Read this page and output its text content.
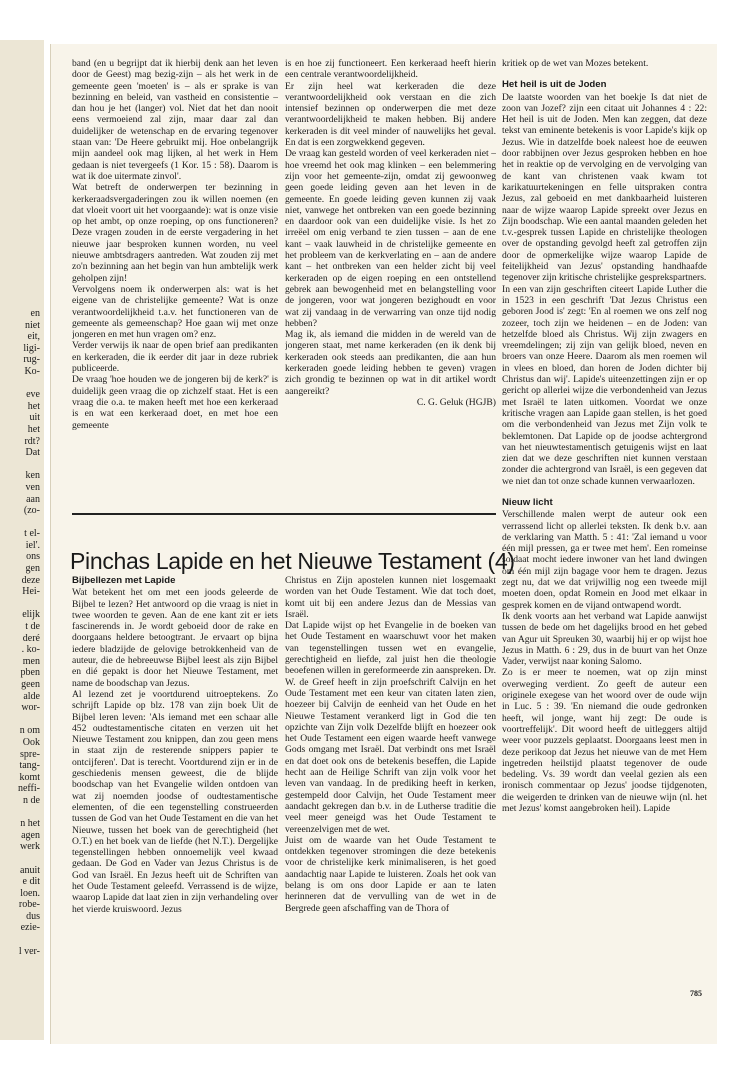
en
niet
eit,
ligi-
rug-
Ko-

eve
het
uit
het
rdt?
Dat

ken
ven
aan
(zo-

t el-
iel'.
ons
gen
deze
Hei-

elijk
t de
deré
. ko-
men
pben
geen
alde
wor-

n om
Ook
spre-
tang-
komt
neffi-
n de

n het
agen
werk

anuit
e dit
loen.
robe-
dus
ezie-

l ver-

band (en u begrijpt dat ik hierbij denk aan het leven door de Geest) mag bezig-zijn – als het werk in de gemeente geen 'moeten' is – als er sprake is van bezinning en beleid, van vastheid en consistentie – dan hou je het (langer) vol. Niet dat het dan nooit eens vermoeiend zal zijn, maar daar zal dan duidelijker de wetenschap en de ervaring tegenover staan van: 'De Heere gebruikt mij. Hoe onbelangrijk mijn aandeel ook mag lijken, al het werk in Hem gedaan is niet tevergeefs (1 Kor. 15 : 58). Daarom is wat ik doe uitermate zinvol'.

Wat betreft de onderwerpen ter bezinning in kerkeraadsvergaderingen zou ik willen noemen (en dat vloeit voort uit het voorgaande): wat is onze visie op het ambt, op onze roeping, op ons functioneren? Deze vragen zouden in de eerste vergadering in het nieuwe jaar besproken kunnen worden, nu veel nieuwe ambtsdragers aantreden. Wat zouden zij met zo'n bezinning aan het begin van hun ambtelijk werk geholpen zijn!

Vervolgens noem ik onderwerpen als: wat is het eigene van de christelijke gemeente? Wat is onze verantwoordelijkheid t.a.v. het functioneren van de gemeente als gemeenschap? Hoe gaan wij met onze jongeren en met hun vragen om? enz.

Verder verwijs ik naar de open brief aan predikanten en kerkeraden, die ik eerder dit jaar in deze rubriek publiceerde.

De vraag 'hoe houden we de jongeren bij de kerk?' is duidelijk geen vraag die op zichzelf staat. Het is een vraag die o.a. te maken heeft met hoe een kerkeraad is en wat een kerkeraad doet, en met hoe een gemeente

is en hoe zij functioneert. Een kerkeraad heeft hierin een centrale verantwoordelijkheid.

Er zijn heel wat kerkeraden die deze verantwoordelijkheid ook verstaan en die zich intensief bezinnen op onderwerpen die met deze verantwoordelijkheid te maken hebben. Bij andere kerkeraden is dit veel minder of nauwelijks het geval. En dat is een zorgwekkend gegeven.

De vraag kan gesteld worden of veel kerkeraden niet – hoe vreemd het ook mag klinken – een belemmering zijn voor het gemeente-zijn, omdat zij gewoonweg geen goede leiding geven aan het leven in de gemeente. En goede leiding geven kunnen zij vaak niet, vanwege het ontbreken van een goede bezinning en daardoor ook van een duidelijke visie. Is het zo irreëel om enig verband te zien tussen – aan de ene kant – vaak lauwheid in de christelijke gemeente en het probleem van de kerkverlating en – aan de andere kant – het ontbreken van een helder zicht bij veel kerkeraden op de eigen roeping en een ontstellend gebrek aan bewogenheid met en belangstelling voor de jongeren, voor wat jongeren bezighoudt en voor wat zij vandaag in de verwarring van onze tijd nodig hebben?

Mag ik, als iemand die midden in de wereld van de jongeren staat, met name kerkeraden (en ik denk bij kerkeraden ook steeds aan predikanten, die aan hun kerkeraden goede leiding hebben te geven) vragen zich grondig te bezinnen op wat in dit artikel wordt aangereikt?

C. G. Geluk (HGJB)

Pinchas Lapide en het Nieuwe Testament (4)
Bijbellezen met Lapide

Wat betekent het om met een joods geleerde de Bijbel te lezen? Het antwoord op die vraag is niet in twee woorden te geven. Aan de ene kant zit er iets fascinerends in. Je wordt geboeid door de rake en doorgaans heldere betoogtrant. Je ervaart op bijna iedere bladzijde de gelovige betrokkenheid van de auteur, die de hebreeuwse Bijbel leest als zijn Bijbel en dié gepakt is door het Nieuwe Testament, met name de boodschap van Jezus.

Al lezend zet je voortdurend uitroeptekens. Zo schrijft Lapide op blz. 178 van zijn boek Uit de Bijbel leren leven: 'Als iemand met een schaar alle 452 oudtestamentische citaten en verzen uit het Nieuwe Testament zou knippen, dan zou geen mens in staat zijn de resterende snippers papier te ontcijferen'. Dat is terecht. Voortdurend zijn er in de geschiedenis mensen geweest, die de blijde boodschap van het Evangelie wilden ontdoen van wat zij noemden joodse of oudtestamentische elementen, of die een tegenstelling construeerden tussen de God van het Oude Testament en die van het Nieuwe, tussen het boek van de gerechtigheid (het O.T.) en het boek van de liefde (het N.T.). Dergelijke tegenstellingen hebben onnoemelijk veel kwaad gedaan. De God en Vader van Jezus Christus is de God van Israël. En Jezus heeft uit de Schriften van het Oude Testament geleefd. Verrassend is de wijze, waarop Lapide dat laat zien in zijn verhandeling over het vierde kruiswoord. Jezus

Christus en Zijn apostelen kunnen niet losgemaakt worden van het Oude Testament. Wie dat toch doet, komt uit bij een andere Jezus dan de Messias van Israël.

Dat Lapide wijst op het Evangelie in de boeken van het Oude Testament en waarschuwt voor het maken van tegenstellingen tussen wet en evangelie, gerechtigheid en liefde, zal juist hen die theologie beoefenen willen in gereformeerde zin aanspreken. Dr. W. de Greef heeft in zijn proefschrift Calvijn en het Oude Testament met een keur van citaten laten zien, hoezeer bij Calvijn de eenheid van het Oude en het Nieuwe Testament verankerd ligt in God die ten opzichte van Zijn volk Dezelfde blijft en hoezeer ook het Oude Testament een eigen waarde heeft vanwege Gods omgang met Israël. Dat verbindt ons met Israël en dat doet ook ons de betekenis beseffen, die Lapide hecht aan de Heilige Schrift van zijn volk voor het leven van vandaag. In de prediking heeft in kerken, gestempeld door Calvijn, het Oude Testament meer aandacht gekregen dan b.v. in de Lutherse traditie die veel meer geneigd was het Oude Testament te vereenzelvigen met de wet.

Juist om de waarde van het Oude Testament te ontdekken tegenover stromingen die deze betekenis voor de christelijke kerk minimaliseren, is het goed aandachtig naar Lapide te luisteren. Zoals het ook van belang is om ons door Lapide er aan te laten herinneren dat de vervulling van de wet in de Bergrede geen afschaffing van de Thora of

kritiek op de wet van Mozes betekent.

Het heil is uit de Joden

De laatste woorden van het boekje Is dat niet de zoon van Jozef? zijn een citaat uit Johannes 4 : 22: Het heil is uit de Joden. Men kan zeggen, dat deze tekst van eminente betekenis is voor Lapide's kijk op Jezus. Wie in datzelfde boek naleest hoe de eeuwen door rabbijnen over Jezus gesproken hebben en hoe het in reaktie op de vervolging en de vervolging van de kant van christenen vaak kwam tot karikatuurtekeningen en felle uitspraken contra Jezus, zal geboeid en met dankbaarheid luisteren naar de wijze waarop Lapide spreekt over Jezus en Zijn boodschap. Wie een aantal maanden geleden het t.v.-gesprek tussen Lapide en christelijke theologen over de opstanding gevolgd heeft zal getroffen zijn door de opmerkelijke wijze waarop Lapide de feitelijkheid van Jezus' opstanding handhaafde tegenover zijn kritische christelijke gesprekspartners.

In een van zijn geschriften citeert Lapide Luther die in 1523 in een geschrift 'Dat Jezus Christus een geboren Jood is' zegt: 'En al roemen we ons zelf nog zozeer, toch zijn we heidenen – en de Joden: van hetzelfde bloed als Christus. Wij zijn zwagers en vreemdelingen; zij zijn van gelijk bloed, neven en broers van onze Heere. Daarom als men roemen wil in vlees en bloed, dan horen de Joden dichter bij Christus dan wij'. Lapide's uiteenzettingen zijn er op gericht op allerlei wijze die verbondenheid van Jezus met Israël te laten uitkomen. Voordat we onze kritische vragen aan Lapide gaan stellen, is het goed om die verbondenheid van Jezus met Zijn volk te beklemtonen. Dat Lapide op de joodse achtergrond van het nieuwtestamentisch getuigenis wijst en laat zien dat we deze geschriften niet kunnen verstaan zonder die achtergrond van Israël, is een gegeven dat we niet dan tot onze schade kunnen verwaarlozen.

Nieuw licht

Verschillende malen werpt de auteur ook een verrassend licht op allerlei teksten. Ik denk b.v. aan de verklaring van Matth. 5 : 41: 'Zal iemand u voor één mijl pressen, ga er twee met hem'. Een romeinse soldaat mocht iedere inwoner van het land dwingen om één mijl zijn bagage voor hem te dragen. Jezus zegt nu, dat we dat vrijwillig nog een tweede mijl moeten doen, opdat Romein en Jood met elkaar in gesprek komen en de vijand ontwapend wordt.

Ik denk voorts aan het verband wat Lapide aanwijst tussen de bede om het dagelijks brood en het gebed van Agur uit Spreuken 30, waarbij hij er op wijst hoe Jezus in Matth. 6 : 29, dus in de buurt van het Onze Vader, verwijst naar koning Salomo.

Zo is er meer te noemen, wat op zijn minst overweging verdient. Zo geeft de auteur een originele exegese van het woord over de oude wijn in Luc. 5 : 39. 'En niemand die oude gedronken heeft, wil jonge, want hij zegt: De oude is voortreffelijk'. Dit woord heeft de uitleggers altijd weer voor puzzels geplaatst. Doorgaans leest men in deze perikoop dat Jezus het nieuwe van de met Hem ingetreden heilstijd plaatst tegenover de oude bedeling. Vs. 39 wordt dan veelal gezien als een ironisch commentaar op Jezus' joodse tijdgenoten, die weigerden te drinken van de nieuwe wijn (nl. het met Jezus' komst aangebroken heil). Lapide

785
